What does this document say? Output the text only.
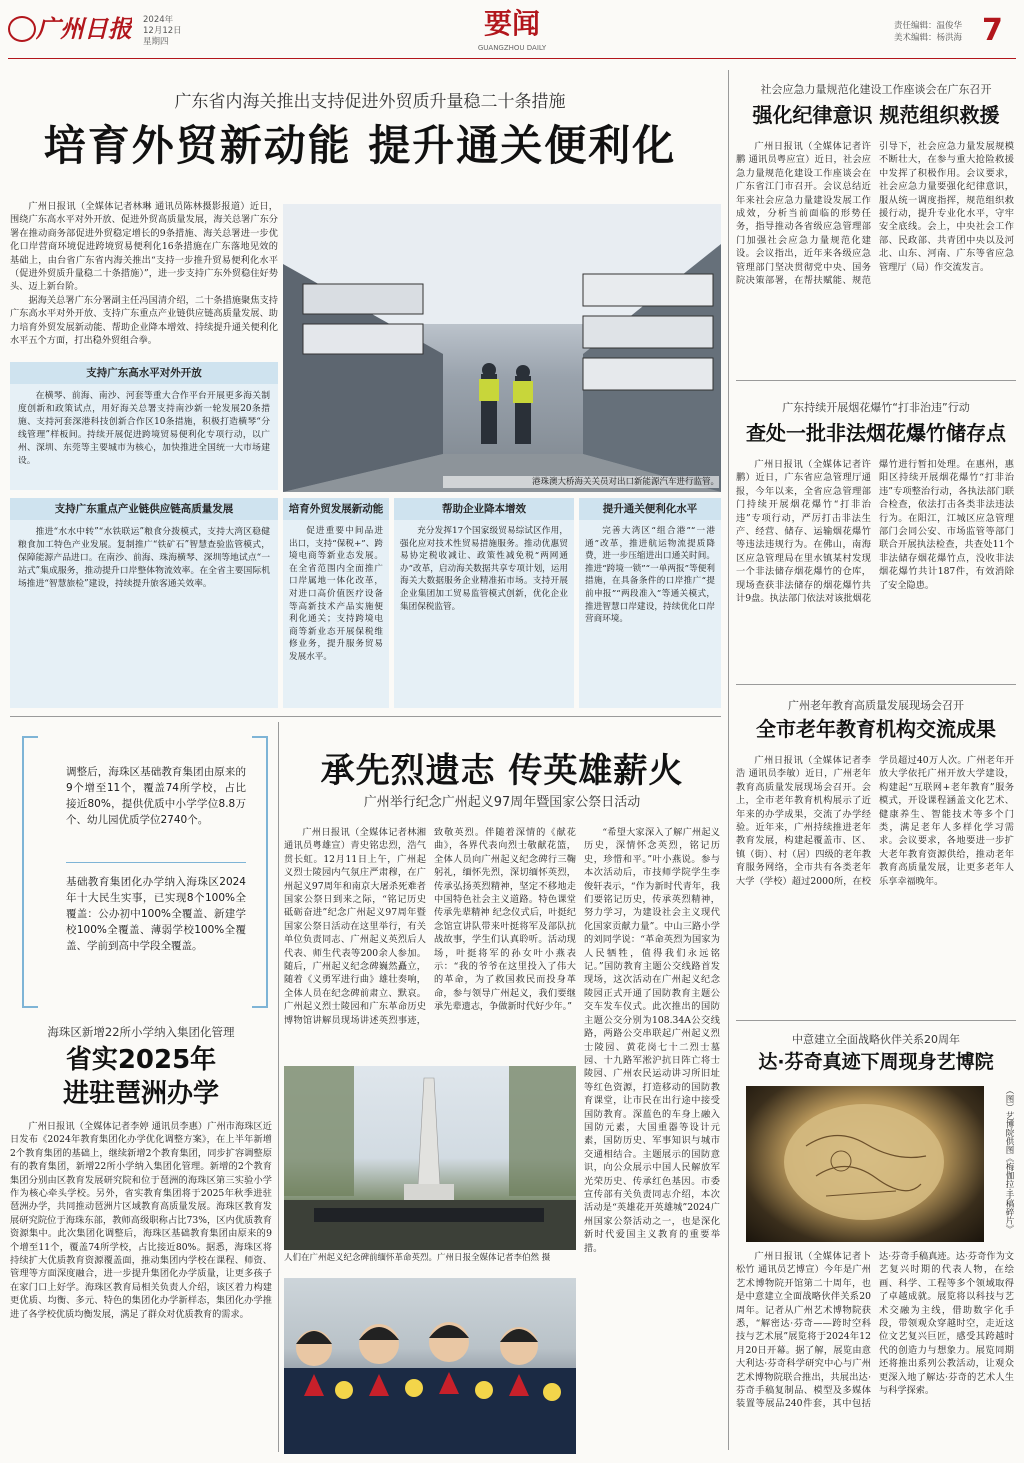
广州日报 2024年
12月12日
星期四
要闻
GUANGZHOU DAILY
责任编辑：温俊华
美术编辑：杨洪海 7
广东省内海关推出支持促进外贸质升量稳二十条措施
培育外贸新动能 提升通关便利化

广州日报讯（全媒体记者林琳 通讯员陈林摄影报道）近日，围绕广东高水平对外开放、促进外贸高质量发展，海关总署广东分署在推动商务部促进外贸稳定增长的9条措施、海关总署进一步优化口岸营商环境促进跨境贸易便利化16条措施在广东落地见效的基础上，由台省广东省内海关推出“支持一步推升贸易便利化水平（促进外贸质升量稳二十条措施）”，进一步支持广东外贸稳住好势头、迈上新台阶。

据海关总署广东分署副主任冯国清介绍，二十条措施聚焦支持广东高水平对外开放、支持广东重点产业链供应链高质量发展、助力培育外贸发展新动能、帮助企业降本增效、持续提升通关便利化水平五个方面，打出稳外贸组合拳。

港珠澳大桥海关关员对出口新能源汽车进行监管。
支持广东高水平对外开放
在横琴、前海、南沙、河套等重大合作平台开展更多海关制度创新和政策试点，用好海关总署支持南沙新一轮发展20条措施、支持河套深港科技创新合作区10条措施，积极打造横琴“分线管理”样板间。持续开展促进跨境贸易便利化专项行动，以广州、深圳、东莞等主要城市为核心，加快推进全国统一大市场建设。
支持广东重点产业链供应链高质量发展
推进“水水中转”“水铁联运”粮食分拨模式，支持大湾区稳健粮食加工特色产业发展。复制推广“铁矿石”智慧查验监管模式，保障能源产品进口。在南沙、前海、珠海横琴、深圳等地试点“一站式”集成服务，推动提升口岸整体物流效率。在全省主要国际机场推进“智慧旅检”建设，持续提升旅客通关效率。
培育外贸发展新动能
促进重要中间品进出口，支持“保税+”、跨境电商等新业态发展。在全省范围内全面推广口岸属地一体化改革，对进口高价值医疗设备等高新技术产品实施便利化通关；支持跨境电商等新业态开展保税维修业务，提升服务贸易发展水平。
帮助企业降本增效
充分发挥17个国家级贸易综试区作用，强化应对技术性贸易措施服务。推动优惠贸易协定税收减让、政策性减免税“两网通办”改革，启动海关数据共享专项计划，运用海关大数据服务企业精准拓市场。支持开展企业集团加工贸易监管模式创新，优化企业集团保税监管。
提升通关便利化水平
完善大湾区“组合港”“一港通”改革，推进航运物流提质降费，进一步压缩进出口通关时间。推进“跨境一锁”“一单两报”等便利措施，在具备条件的口岸推广“提前申报”“两段准入”等通关模式，推进智慧口岸建设，持续优化口岸营商环境。
社会应急力量规范化建设工作座谈会在广东召开
强化纪律意识 规范组织救援
广州日报讯（全媒体记者许鹏 通讯员粤应宣）近日，社会应急力量规范化建设工作座谈会在广东省江门市召开。会议总结近年来社会应急力量建设发展工作成效，分析当前面临的形势任务，指导推动各省级应急管理部门加强社会应急力量规范化建设。会议指出，近年来各级应急管理部门坚决贯彻党中央、国务院决策部署，在帮扶赋能、规范引导下，社会应急力量发展规模不断壮大，在参与重大抢险救援中发挥了积极作用。会议要求，社会应急力量要强化纪律意识，服从统一调度指挥，规范组织救援行动，提升专业化水平，守牢安全底线。会上，中央社会工作部、民政部、共青团中央以及河北、山东、河南、广东等省应急管理厅（局）作交流发言。
广东持续开展烟花爆竹“打非治违”行动
查处一批非法烟花爆竹储存点
广州日报讯（全媒体记者许鹏）近日，广东省应急管理厅通报，今年以来，全省应急管理部门持续开展烟花爆竹“打非治违”专项行动，严厉打击非法生产、经营、储存、运输烟花爆竹等违法违规行为。在佛山，南海区应急管理局在里水镇某村发现一个非法储存烟花爆竹的仓库，现场查获非法储存的烟花爆竹共计9盘。执法部门依法对该批烟花爆竹进行暂扣处理。在惠州，惠阳区持续开展烟花爆竹“打非治违”专项整治行动，各执法部门联合检查，依法打击各类非法违法行为。在阳江，江城区应急管理部门会同公安、市场监管等部门联合开展执法检查，共查处11个非法储存烟花爆竹点，没收非法烟花爆竹共计187件，有效消除了安全隐患。
广州老年教育高质量发展现场会召开
全市老年教育机构交流成果
广州日报讯（全媒体记者李浩 通讯员李敏）近日，广州老年教育高质量发展现场会召开。会上，全市老年教育机构展示了近年来的办学成果，交流了办学经验。近年来，广州持续推进老年教育发展，构建起覆盖市、区、镇（街）、村（居）四级的老年教育服务网络，全市共有各类老年大学（学校）超过2000所，在校学员超过40万人次。广州老年开放大学依托广州开放大学建设，构建起“互联网+老年教育”服务模式，开设课程涵盖文化艺术、健康养生、智能技术等多个门类，满足老年人多样化学习需求。会议要求，各地要进一步扩大老年教育资源供给，推动老年教育高质量发展，让更多老年人乐享幸福晚年。
中意建立全面战略伙伴关系20周年
达·芬奇真迹下周现身艺博院
（图）艺博院供图《梅伽拉·手稿碎片》
广州日报讯（全媒体记者卜松竹 通讯员艺博宣）今年是广州艺术博物院开馆第二十周年，也是中意建立全面战略伙伴关系20周年。记者从广州艺术博物院获悉，“解密达·芬奇——跨时空科技与艺术展”展览将于2024年12月20日开幕。据了解，展览由意大利达·芬奇科学研究中心与广州艺术博物院联合推出，共展出达·芬奇手稿复制品、模型及多媒体装置等展品240件套，其中包括达·芬奇手稿真迹。达·芬奇作为文艺复兴时期的代表人物，在绘画、科学、工程等多个领域取得了卓越成就。展览将以科技与艺术交融为主线，借助数字化手段，带领观众穿越时空，走近这位文艺复兴巨匠，感受其跨越时代的创造力与想象力。展览同期还将推出系列公教活动，让观众更深入地了解达·芬奇的艺术人生与科学探索。
调整后，海珠区基础教育集团由原来的9个增至11个，覆盖74所学校，占比接近80%，提供优质中小学学位8.8万个、幼儿园优质学位2740个。
基础教育集团化办学纳入海珠区2024年十大民生实事，已实现8个100%全覆盖：公办初中100%全覆盖、新建学校100%全覆盖、薄弱学校100%全覆盖、学前到高中学段全覆盖。
海珠区新增22所小学纳入集团化管理
省实2025年
进驻琶洲办学
广州日报讯（全媒体记者李婷 通讯员李惠）广州市海珠区近日发布《2024年教育集团化办学优化调整方案》，在上半年新增2个教育集团的基础上，继续新增2个教育集团，同步扩容调整原有的教育集团，新增22所小学纳入集团化管理。新增的2个教育集团分别由区教育发展研究院和位于琶洲的海珠区第三实验小学作为核心牵头学校。另外，省实教育集团将于2025年秋季进驻琶洲办学，共同推动琶洲片区域教育高质量发展。海珠区教育发展研究院位于海珠东部，教师高级职称占比73%，区内优质教育资源集中。此次集团化调整后，海珠区基础教育集团由原来的9个增至11个，覆盖74所学校，占比接近80%。据悉，海珠区将持续扩大优质教育资源覆盖面，推动集团内学校在课程、师资、管理等方面深度融合，进一步提升集团化办学质量，让更多孩子在家门口上好学。海珠区教育局相关负责人介绍，该区着力构建更优质、均衡、多元、特色的集团化办学新样态，集团化办学推进了各学校优质均衡发展，满足了群众对优质教育的需求。
承先烈遗志 传英雄薪火
广州举行纪念广州起义97周年暨国家公祭日活动
广州日报讯（全媒体记者林湘 通讯员粤雄宣）青史铭忠烈，浩气贯长虹。12月11日上午，广州起义烈士陵园内气氛庄严肃穆，在广州起义97周年和南京大屠杀死难者国家公祭日到来之际，“铭记历史 砥砺奋进”纪念广州起义97周年暨国家公祭日活动在这里举行，有关单位负责同志、广州起义英烈后人代表、师生代表等200余人参加。随后，广州起义纪念碑巍然矗立，随着《义勇军进行曲》雄壮奏响，全体人员在纪念碑前肃立、默哀。广州起义烈士陵园和广东革命历史博物馆讲解员现场讲述英烈事迹，致敬英烈。伴随着深情的《献花曲》，各界代表向烈士敬献花篮，全体人员向广州起义纪念碑行三鞠躬礼，缅怀先烈，深切缅怀英烈，传承弘扬英烈精神，坚定不移地走中国特色社会主义道路。特色课堂传承先辈精神 纪念仪式后，叶挺纪念馆宣讲队带来叶挺将军及部队抗战故事，学生们认真聆听。活动现场，叶挺将军的孙女叶小燕表示：“我的爷爷在这里投入了伟大的革命，为了救国救民而投身革命，参与领导广州起义，我们要继承先辈遗志，争做新时代好少年。”
“希望大家深入了解广州起义历史，深情怀念英烈，铭记历史，珍惜和平。”叶小燕说。参与本次活动后，市技师学院学生李俊轩表示，“作为新时代青年，我们要铭记历史，传承英烈精神，努力学习，为建设社会主义现代化国家贡献力量”。中山三路小学的刘同学说：“革命英烈为国家为人民牺牲，值得我们永远铭记。”国防教育主题公交线路首发 现场，这次活动在广州起义纪念陵园正式开通了国防教育主题公交车发车仪式。此次推出的国防主题公交分别为108.34A公交线路，两路公交串联起广州起义烈士陵园、黄花岗七十二烈士墓园、十九路军淞沪抗日阵亡将士陵园、广州农民运动讲习所旧址等红色资源，打造移动的国防教育课堂，让市民在出行途中接受国防教育。深蓝色的车身上融入国防元素，大国重器等设计元素，国防历史、军事知识与城市交通相结合。主题展示的国防意识，向公众展示中国人民解放军光荣历史、传承红色基因。市委宣传部有关负责同志介绍，本次活动是“英雄花开英雄城”2024广州国家公祭活动之一，也是深化新时代爱国主义教育的重要举措。
人们在广州起义纪念碑前缅怀革命英烈。广州日报全媒体记者李伯然 摄
